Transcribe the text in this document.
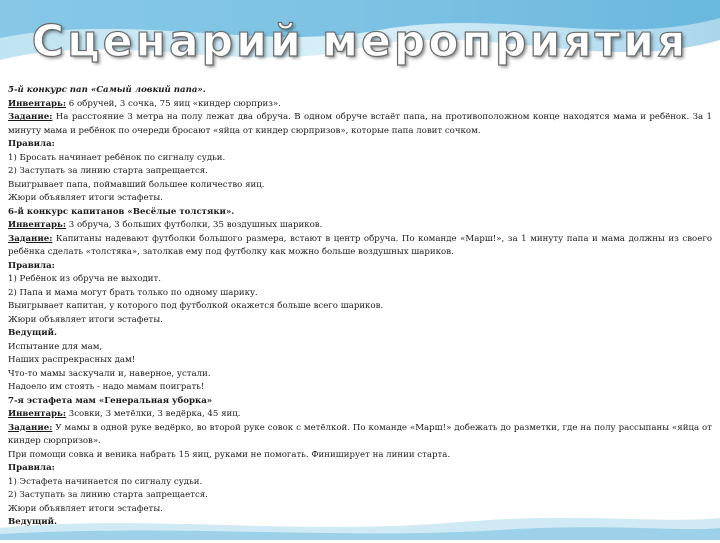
Сценарий мероприятия

5-й конкурс пап «Самый ловкий папа».

Инвентарь: 6 обручей, 3 сочка, 75 яиц «киндер сюрприз».

Задание: На расстояние 3 метра на полу лежат два обруча. В одном обруче встаёт папа, на противоположном конце находятся мама и ребёнок. За 1 минуту мама и ребёнок по очереди бросают «яйца от киндер сюрпризов», которые папа ловит сочком.

Правила:

1) Бросать начинает ребёнок по сигналу судьи.

2) Заступать за линию старта запрещается.

Выигрывает папа, поймавший большее количество яиц.

Жюри объявляет итоги эстафеты.

6-й конкурс капитанов «Весёлые толстяки».

Инвентарь: 3 обруча, 3 больших футболки, 35 воздушных шариков.

Задание: Капитаны надевают футболки большого размера, встают в центр обруча. По команде «Марш!», за 1 минуту папа и мама должны из своего ребёнка сделать «толстяка», затолкав ему под футболку как можно больше воздушных шариков.

Правила:

1) Ребёнок из обруча не выходит.

2) Папа и мама могут брать только по одному шарику.

Выигрывает капитан, у которого под футболкой окажется больше всего шариков.

Жюри объявляет итоги эстафеты.

Ведущий.

Испытание для мам,

Наших распрекрасных дам!

Что-то мамы заскучали и, наверное, устали.

Надоело им стоять - надо мамам поиграть!

7-я эстафета мам «Генеральная уборка»

Инвентарь: 3совки, 3 метёлки, 3 ведёрка, 45 яиц.

Задание: У мамы в одной руке ведёрко, во второй руке совок с метёлкой. По команде «Марш!» добежать до разметки, где на полу рассыпаны «яйца от киндер сюрпризов».

При помощи совка и веника набрать 15 яиц, руками не помогать. Финиширует на линии старта.

Правила:

1) Эстафета начинается по сигналу судьи.

2) Заступать за линию старта запрещается.

Жюри объявляет итоги эстафеты.

Ведущий.
